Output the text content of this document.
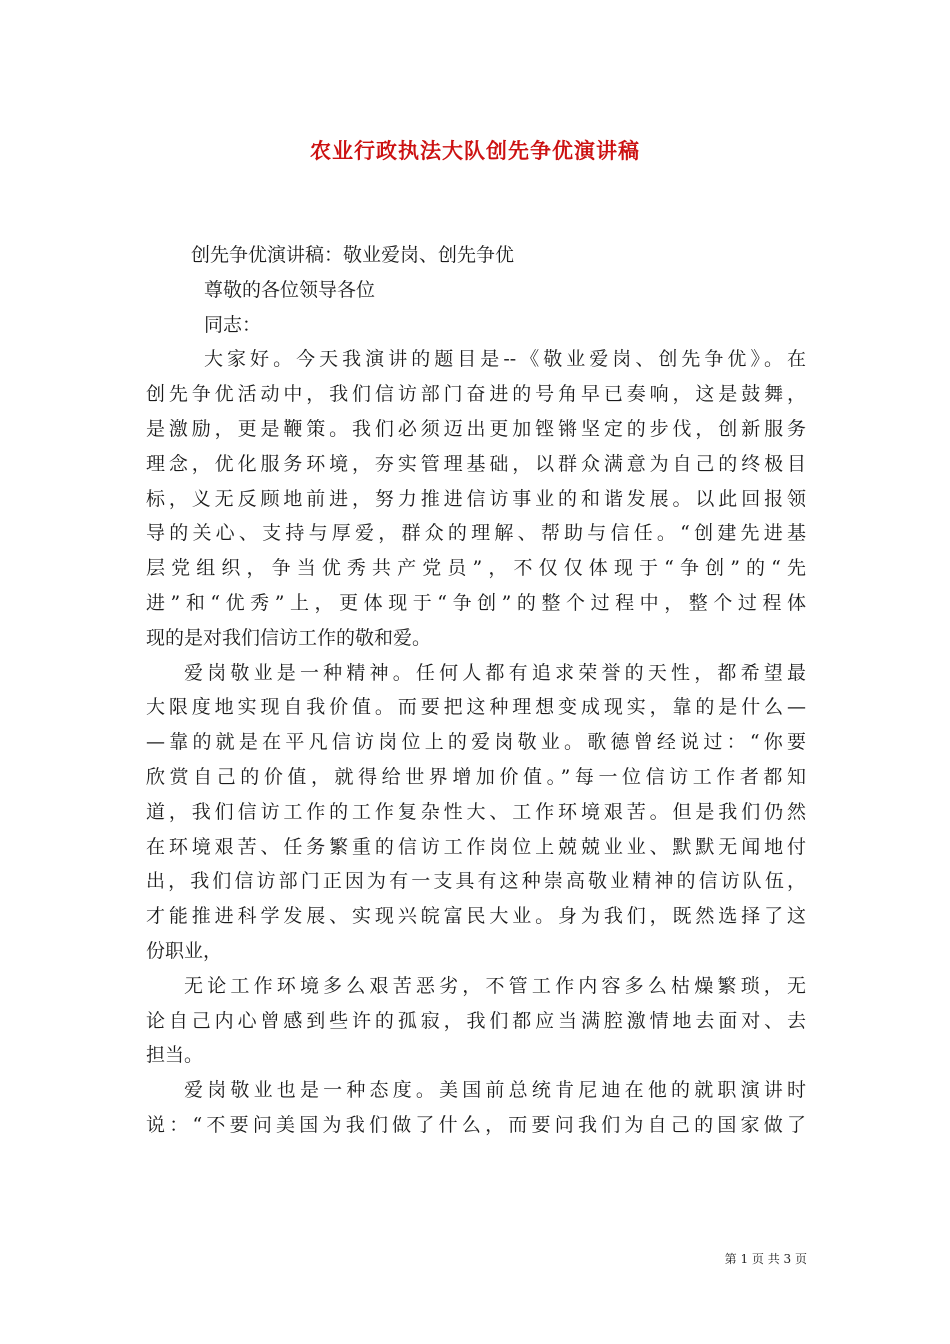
农业行政执法大队创先争优演讲稿
创先争优演讲稿：敬业爱岗、创先争优
尊敬的各位领导各位
同志：
大家好。今天我演讲的题目是--《敬业爱岗、创先争优》。在
创先争优活动中，我们信访部门奋进的号角早已奏响，这是鼓舞，
是激励，更是鞭策。我们必须迈出更加铿锵坚定的步伐，创新服务
理念，优化服务环境，夯实管理基础，以群众满意为自己的终极目
标，义无反顾地前进，努力推进信访事业的和谐发展。以此回报领
导的关心、支持与厚爱，群众的理解、帮助与信任。“创建先进基
层党组织，争当优秀共产党员”，不仅仅体现于“争创”的“先
进”和“优秀”上，更体现于“争创”的整个过程中，整个过程体
现的是对我们信访工作的敬和爱。
爱岗敬业是一种精神。任何人都有追求荣誉的天性，都希望最
大限度地实现自我价值。而要把这种理想变成现实，靠的是什么—
—靠的就是在平凡信访岗位上的爱岗敬业。歌德曾经说过：“你要
欣赏自己的价值，就得给世界增加价值。”每一位信访工作者都知
道，我们信访工作的工作复杂性大、工作环境艰苦。但是我们仍然
在环境艰苦、任务繁重的信访工作岗位上兢兢业业、默默无闻地付
出，我们信访部门正因为有一支具有这种崇高敬业精神的信访队伍，
才能推进科学发展、实现兴皖富民大业。身为我们，既然选择了这
份职业，
无论工作环境多么艰苦恶劣，不管工作内容多么枯燥繁琐，无
论自己内心曾感到些许的孤寂，我们都应当满腔激情地去面对、去
担当。
爱岗敬业也是一种态度。美国前总统肯尼迪在他的就职演讲时
说：“不要问美国为我们做了什么，而要问我们为自己的国家做了
第 1 页 共 3 页
